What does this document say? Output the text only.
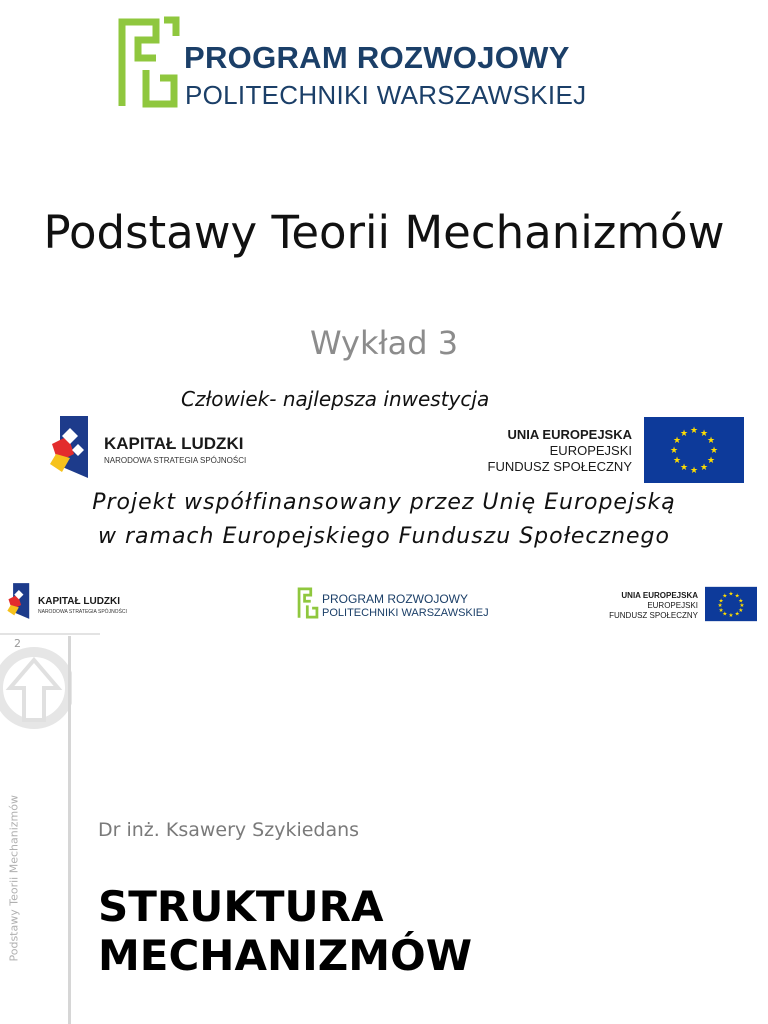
PROGRAM ROZWOJOWY
POLITECHNIKI WARSZAWSKIEJ
Podstawy Teorii Mechanizmów
Wykład 3
Człowiek- najlepsza inwestycja
KAPITAŁ LUDZKI
NARODOWA STRATEGIA SPÓJNOŚCI
UNIA EUROPEJSKA
EUROPEJSKI
FUNDUSZ SPOŁECZNY
★ ★
★
★
★
★
★
★
★
★
★
★
Projekt współfinansowany przez Unię Europejską
w ramach Europejskiego Funduszu Społecznego
KAPITAŁ LUDZKI
NARODOWA STRATEGIA SPÓJNOŚCI
PROGRAM ROZWOJOWY
POLITECHNIKI WARSZAWSKIEJ
UNIA EUROPEJSKA
EUROPEJSKI
FUNDUSZ SPOŁECZNY
★ ★
★
★
★
★
★
★
★
★
★
★
2
Podstawy Teorii Mechanizmów	Dr inż. Ksawery Szykiedans
STRUKTURA
MECHANIZMÓW
